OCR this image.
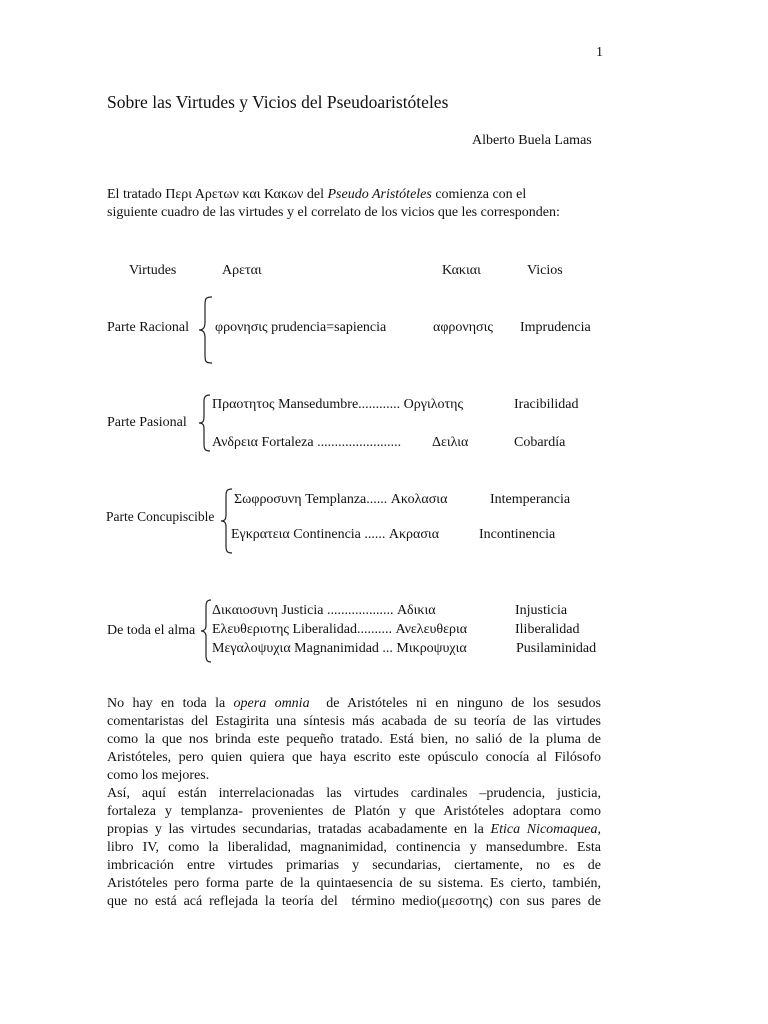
1
Sobre las Virtudes y Vicios del Pseudoaristóteles
Alberto Buela Lamas
El tratado Περι Αρετων και Κακων del Pseudo Aristóteles comienza con el
siguiente cuadro de las virtudes y el correlato de los vicios que les corresponden:
Virtudes	Αρεται	Κακιαι	Vicios
Parte Racional φρονησις prudencia=sapiencia	αφρονησις Imprudencia
Parte Pasional
Πραοτητος Mansedumbre............ Οργιλοτης	Iracibilidad
Ανδρεια Fortaleza ........................ Δειλια	Cobardía
Parte Concupiscible
Σωφροσυνη Templanza...... Ακολασια	Intemperancia
Εγκρατεια Continencia ...... Ακρασια	Incontinencia
De toda el alma
Δικαιοσυνη Justicia ................... Αδικια	Injusticia
Ελευθεριοτης Liberalidad.......... Ανελευθερια	Iliberalidad
Μεγαλοψυχια Magnanimidad ... Μικροψυχια	Pusilaminidad
No hay en toda la opera omnia  de Aristóteles ni en ninguno de los sesudos
comentaristas del Estagirita una síntesis más acabada de su teoría de las virtudes
como la que nos brinda este pequeño tratado. Está bien, no salió de la pluma de
Aristóteles, pero quien quiera que haya escrito este opúsculo conocía al Filósofo
como los mejores.
Así, aquí están interrelacionadas las virtudes cardinales –prudencia, justicia,
fortaleza y templanza- provenientes de Platón y que Aristóteles adoptara como
propias y las virtudes secundarias, tratadas acabadamente en la Etica Nicomaquea,
libro IV, como la liberalidad, magnanimidad, continencia y mansedumbre. Esta
imbricación entre virtudes primarias y secundarias, ciertamente, no es de
Aristóteles pero forma parte de la quintaesencia de su sistema. Es cierto, también,
que no está acá reflejada la teoría del  término medio(μεσοτης) con sus pares de
